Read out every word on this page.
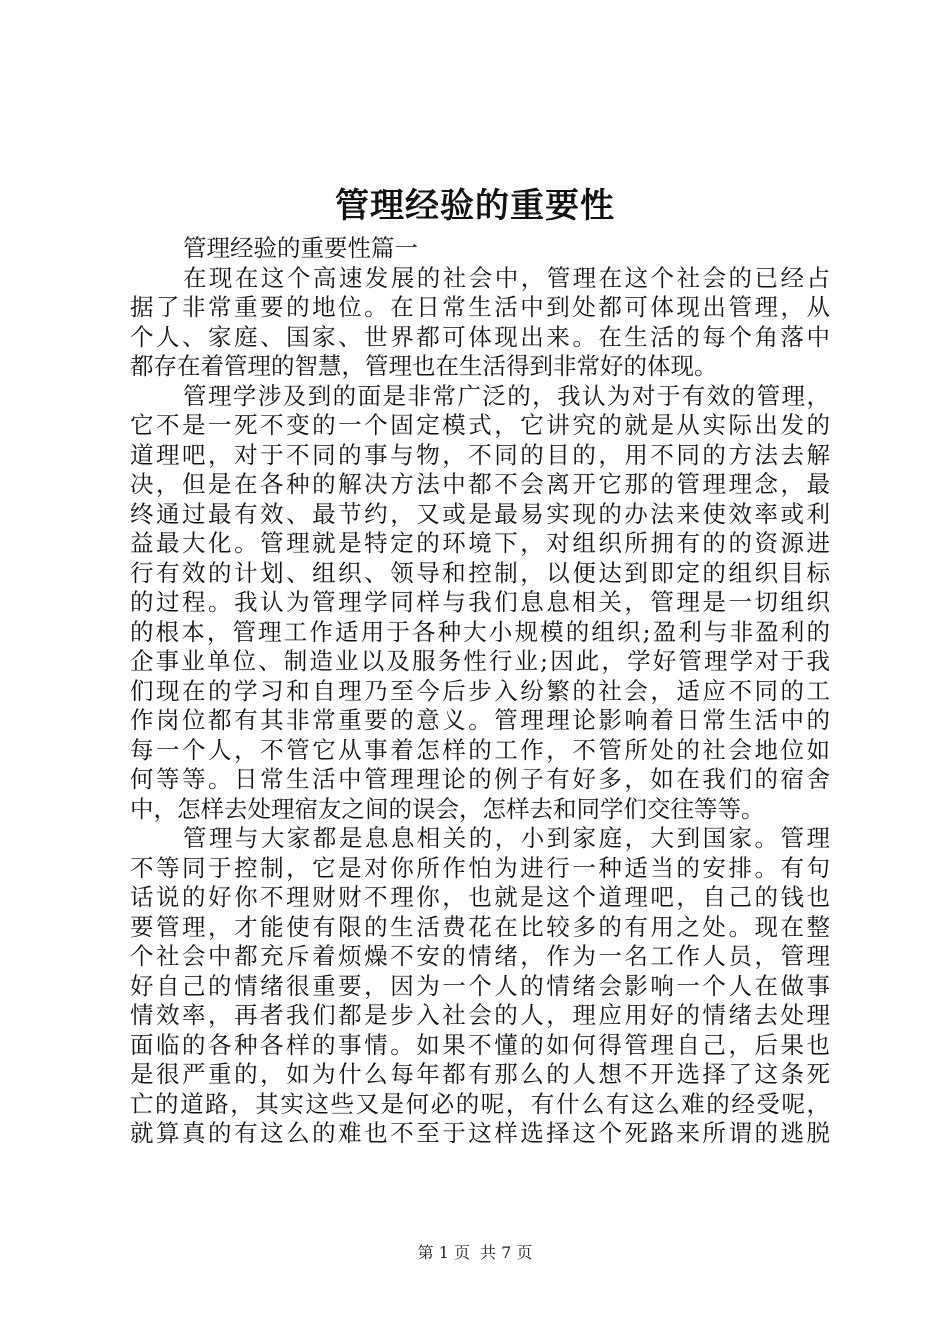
管理经验的重要性
管理经验的重要性篇一
在现在这个高速发展的社会中，管理在这个社会的已经占
据了非常重要的地位。在日常生活中到处都可体现出管理，从
个人、家庭、国家、世界都可体现出来。在生活的每个角落中
都存在着管理的智慧，管理也在生活得到非常好的体现。
管理学涉及到的面是非常广泛的，我认为对于有效的管理，
它不是一死不变的一个固定模式，它讲究的就是从实际出发的
道理吧，对于不同的事与物，不同的目的，用不同的方法去解
决，但是在各种的解决方法中都不会离开它那的管理理念，最
终通过最有效、最节约，又或是最易实现的办法来使效率或利
益最大化。管理就是特定的环境下，对组织所拥有的的资源进
行有效的计划、组织、领导和控制，以便达到即定的组织目标
的过程。我认为管理学同样与我们息息相关，管理是一切组织
的根本，管理工作适用于各种大小规模的组织;盈利与非盈利的
企事业单位、制造业以及服务性行业;因此，学好管理学对于我
们现在的学习和自理乃至今后步入纷繁的社会，适应不同的工
作岗位都有其非常重要的意义。管理理论影响着日常生活中的
每一个人，不管它从事着怎样的工作，不管所处的社会地位如
何等等。日常生活中管理理论的例子有好多，如在我们的宿舍
中，怎样去处理宿友之间的误会，怎样去和同学们交往等等。
管理与大家都是息息相关的，小到家庭，大到国家。管理
不等同于控制，它是对你所作怕为进行一种适当的安排。有句
话说的好你不理财财不理你，也就是这个道理吧，自己的钱也
要管理，才能使有限的生活费花在比较多的有用之处。现在整
个社会中都充斥着烦燥不安的情绪，作为一名工作人员，管理
好自己的情绪很重要，因为一个人的情绪会影响一个人在做事
情效率，再者我们都是步入社会的人，理应用好的情绪去处理
面临的各种各样的事情。如果不懂的如何得管理自己，后果也
是很严重的，如为什么每年都有那么的人想不开选择了这条死
亡的道路，其实这些又是何必的呢，有什么有这么难的经受呢，
就算真的有这么的难也不至于这样选择这个死路来所谓的逃脱
第 1 页 共 7 页
